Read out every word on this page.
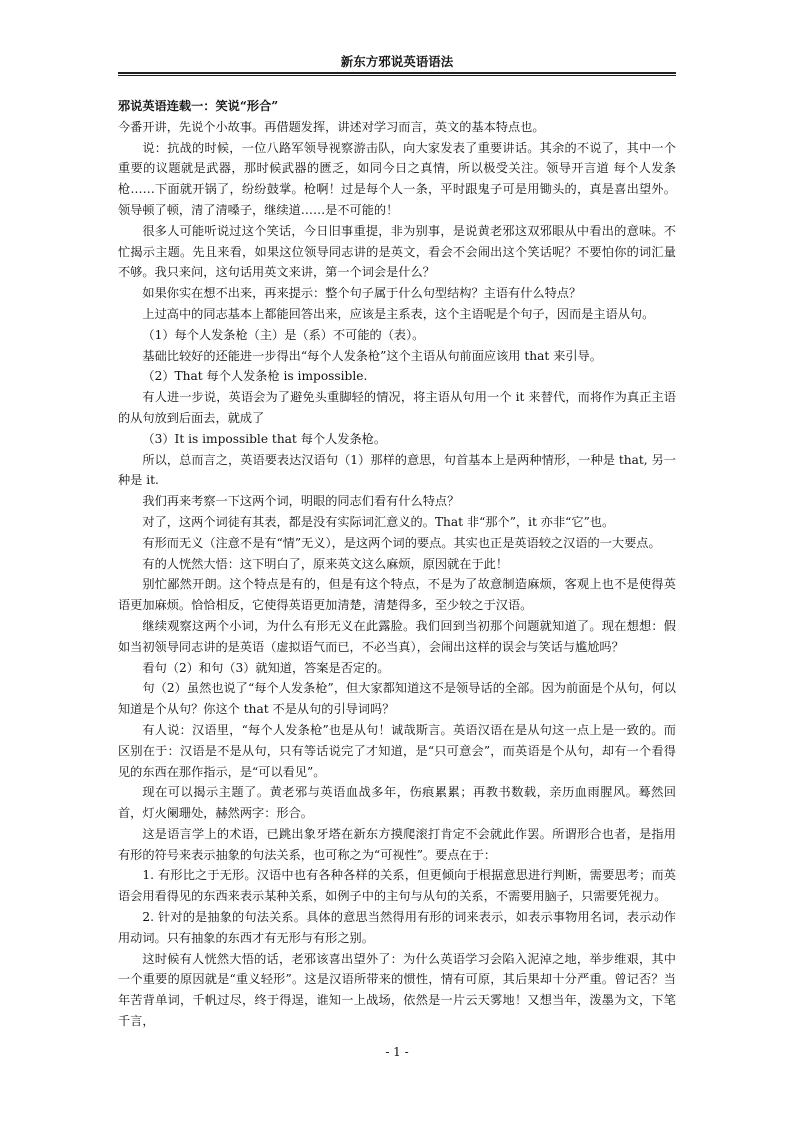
新东方邪说英语语法

邪说英语连载一：笑说“形合”

今番开讲，先说个小故事。再借题发挥，讲述对学习而言，英文的基本特点也。

说：抗战的时候，一位八路军领导视察游击队，向大家发表了重要讲话。其余的不说了，其中一个重要的议题就是武器，那时候武器的匮乏，如同今日之真情，所以极受关注。领导开言道 每个人发条枪……下面就开锅了，纷纷鼓掌。枪啊！过是每个人一条，平时跟鬼子可是用锄头的，真是喜出望外。领导顿了顿，清了清嗓子，继续道……是不可能的！

很多人可能听说过这个笑话，今日旧事重提，非为别事，是说黄老邪这双邪眼从中看出的意味。不忙揭示主题。先且来看，如果这位领导同志讲的是英文，看会不会闹出这个笑话呢？不要怕你的词汇量不够。我只来问，这句话用英文来讲，第一个词会是什么？

如果你实在想不出来，再来提示：整个句子属于什么句型结构？主语有什么特点？

上过高中的同志基本上都能回答出来，应该是主系表，这个主语呢是个句子，因而是主语从句。

（1）每个人发条枪（主）是（系）不可能的（表）。

基础比较好的还能进一步得出“每个人发条枪”这个主语从句前面应该用 that 来引导。

（2）That 每个人发条枪 is impossible.

有人进一步说，英语会为了避免头重脚轻的情况，将主语从句用一个 it 来替代，而将作为真正主语的从句放到后面去，就成了

（3）It is impossible that 每个人发条枪。

所以，总而言之，英语要表达汉语句（1）那样的意思，句首基本上是两种情形，一种是 that, 另一种是 it.

我们再来考察一下这两个词，明眼的同志们看有什么特点？

对了，这两个词徒有其表，都是没有实际词汇意义的。That 非“那个”，it 亦非“它”也。

有形而无义（注意不是有“情”无义），是这两个词的要点。其实也正是英语较之汉语的一大要点。

有的人恍然大悟：这下明白了，原来英文这么麻烦，原因就在于此！

别忙鄙然开朗。这个特点是有的，但是有这个特点，不是为了故意制造麻烦，客观上也不是使得英语更加麻烦。恰恰相反，它使得英语更加清楚，清楚得多，至少较之于汉语。

继续观察这两个小词，为什么有形无义在此露脸。我们回到当初那个问题就知道了。现在想想：假如当初领导同志讲的是英语（虚拟语气而已，不必当真），会闹出这样的误会与笑话与尴尬吗？

看句（2）和句（3）就知道，答案是否定的。

句（2）虽然也说了“每个人发条枪”，但大家都知道这不是领导话的全部。因为前面是个从句，何以知道是个从句？你这个 that 不是从句的引导词吗？

有人说：汉语里，“每个人发条枪”也是从句！诚哉斯言。英语汉语在是从句这一点上是一致的。而区别在于：汉语是不是从句，只有等话说完了才知道，是“只可意会”，而英语是个从句，却有一个看得见的东西在那作指示，是“可以看见”。

现在可以揭示主题了。黄老邪与英语血战多年，伤痕累累；再教书数载，亲历血雨腥风。蓦然回首，灯火阑珊处，赫然两字：形合。

这是语言学上的术语，已跳出象牙塔在新东方摸爬滚打肯定不会就此作罢。所谓形合也者，是指用有形的符号来表示抽象的句法关系，也可称之为“可视性”。要点在于：

1. 有形比之于无形。汉语中也有各种各样的关系，但更倾向于根据意思进行判断，需要思考；而英语会用看得见的东西来表示某种关系，如例子中的主句与从句的关系，不需要用脑子，只需要凭视力。

2. 针对的是抽象的句法关系。具体的意思当然得用有形的词来表示，如表示事物用名词，表示动作用动词。只有抽象的东西才有无形与有形之别。

这时候有人恍然大悟的话，老邪该喜出望外了：为什么英语学习会陷入泥淖之地，举步维艰，其中一个重要的原因就是“重义轻形”。这是汉语所带来的惯性，情有可原，其后果却十分严重。曾记否？当年苦背单词，千帆过尽，终于得逞，谁知一上战场，依然是一片云天雾地！又想当年，泼墨为文，下笔千言，

- 1 -
